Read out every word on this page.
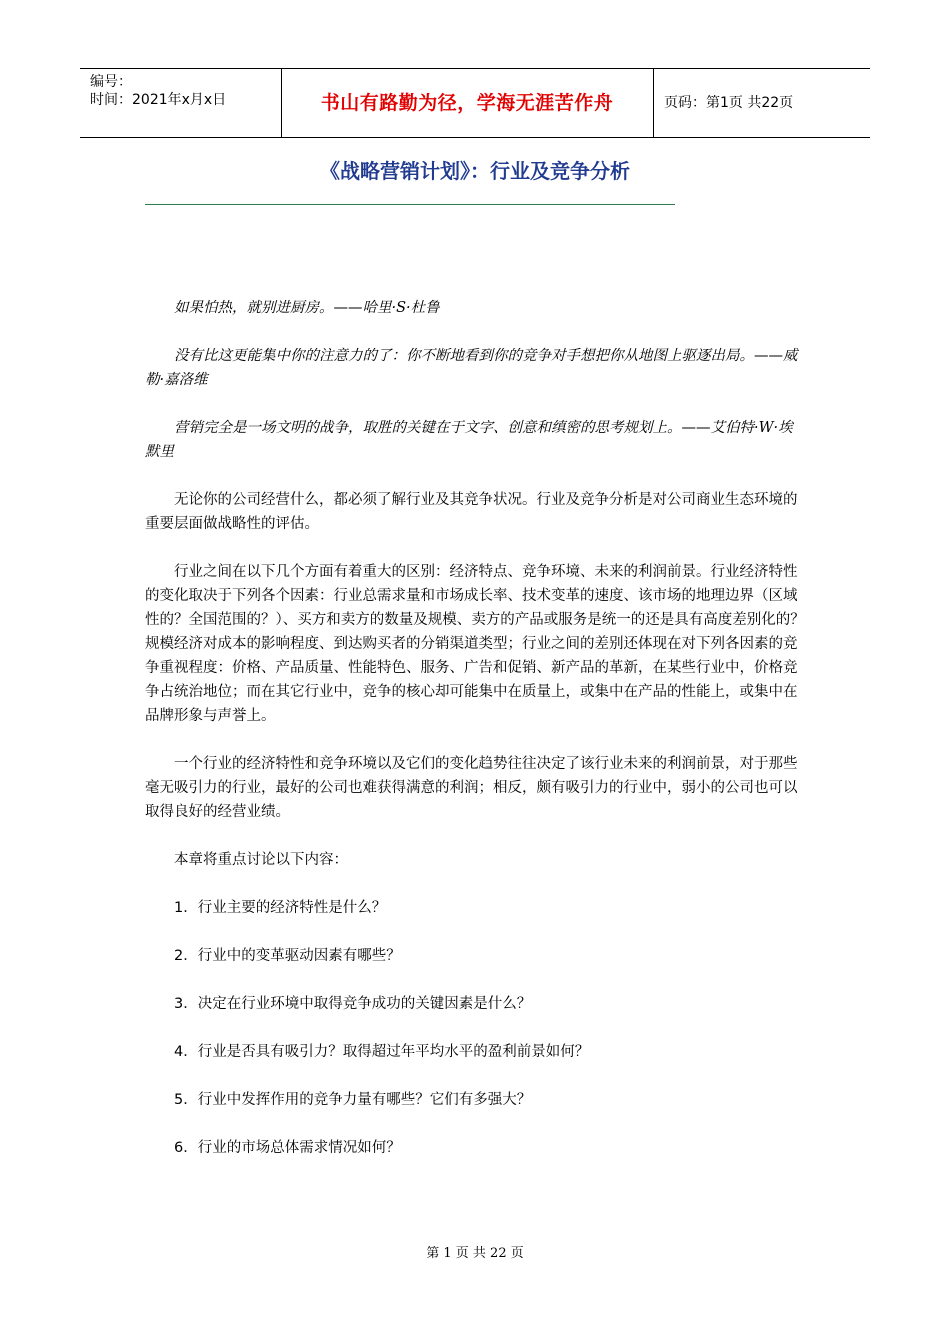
编号：
时间：2021年x月x日	书山有路勤为径，学海无涯苦作舟	页码：第1页 共22页
《战略营销计划》：行业及竞争分析

如果怕热，就别进厨房。——哈里·S·杜鲁

没有比这更能集中你的注意力的了：你不断地看到你的竞争对手想把你从地图上驱逐出局。——威勒·嘉洛维

营销完全是一场文明的战争，取胜的关键在于文字、创意和缜密的思考规划上。——艾伯特·W·埃默里

无论你的公司经营什么，都必须了解行业及其竞争状况。行业及竞争分析是对公司商业生态环境的重要层面做战略性的评估。

行业之间在以下几个方面有着重大的区别：经济特点、竞争环境、未来的利润前景。行业经济特性的变化取决于下列各个因素：行业总需求量和市场成长率、技术变革的速度、该市场的地理边界（区域性的？全国范围的？）、买方和卖方的数量及规模、卖方的产品或服务是统一的还是具有高度差别化的？ 规模经济对成本的影响程度、到达购买者的分销渠道类型；行业之间的差别还体现在对下列各因素的竞争重视程度：价格、产品质量、性能特色、服务、广告和促销、新产品的革新，在某些行业中，价格竞争占统治地位；而在其它行业中，竞争的核心却可能集中在质量上，或集中在产品的性能上，或集中在品牌形象与声誉上。

一个行业的经济特性和竞争环境以及它们的变化趋势往往决定了该行业未来的利润前景，对于那些毫无吸引力的行业，最好的公司也难获得满意的利润；相反，颇有吸引力的行业中，弱小的公司也可以取得良好的经营业绩。

本章将重点讨论以下内容：

1．行业主要的经济特性是什么？

2．行业中的变革驱动因素有哪些？

3．决定在行业环境中取得竞争成功的关键因素是什么？

4．行业是否具有吸引力？取得超过年平均水平的盈利前景如何？

5．行业中发挥作用的竞争力量有哪些？它们有多强大？

6．行业的市场总体需求情况如何？

第 1 页 共 22 页
